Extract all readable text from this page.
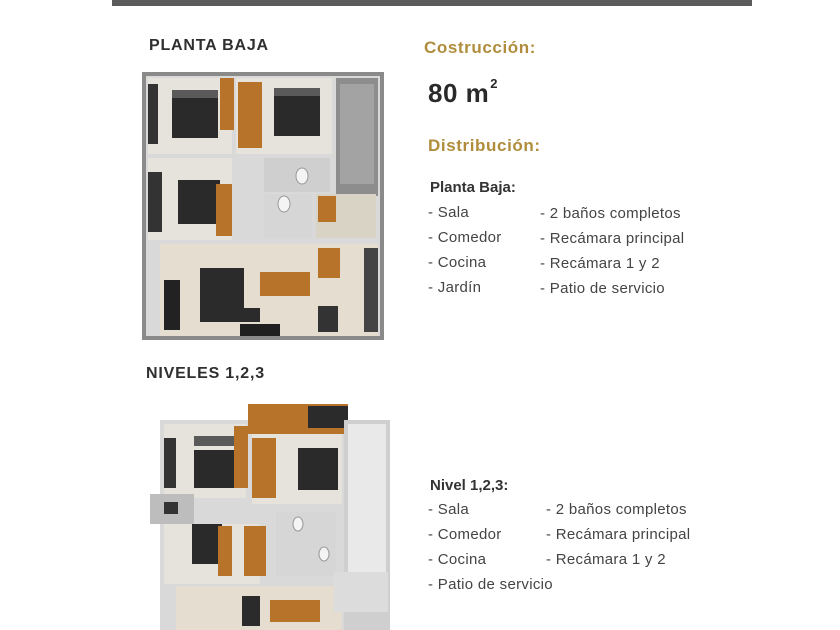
PLANTA BAJA
NIVELES 1,2,3
Costrucción:
80 $m^2$
Distribución:
Planta Baja:
- Sala
- Comedor
- Cocina
- Jardín
- 2 baños completos
- Recámara principal
- Recámara 1 y 2
- Patio de servicio
Nivel 1,2,3:
- Sala
- Comedor
- Cocina
- Patio de servicio
- 2 baños completos
- Recámara principal
- Recámara 1 y 2
